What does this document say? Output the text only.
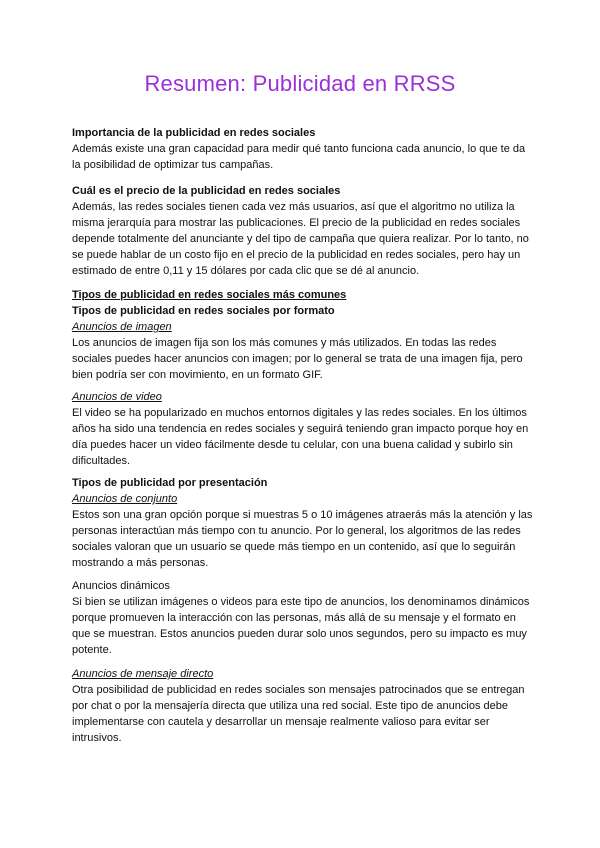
Resumen: Publicidad en RRSS

Importancia de la publicidad en redes sociales

Además existe una gran capacidad para medir qué tanto funciona cada anuncio, lo que te da la posibilidad de optimizar tus campañas.

Cuál es el precio de la publicidad en redes sociales

Además, las redes sociales tienen cada vez más usuarios, así que el algoritmo no utiliza la misma jerarquía para mostrar las publicaciones. El precio de la publicidad en redes sociales depende totalmente del anunciante y del tipo de campaña que quiera realizar. Por lo tanto, no se puede hablar de un costo fijo en el precio de la publicidad en redes sociales, pero hay un estimado de entre 0,11 y 15 dólares por cada clic que se dé al anuncio.

Tipos de publicidad en redes sociales más comunes

Tipos de publicidad en redes sociales por formato

Anuncios de imagen

Los anuncios de imagen fija son los más comunes y más utilizados. En todas las redes sociales puedes hacer anuncios con imagen; por lo general se trata de una imagen fija, pero bien podría ser con movimiento, en un formato GIF.

Anuncios de video

El video se ha popularizado en muchos entornos digitales y las redes sociales. En los últimos años ha sido una tendencia en redes sociales y seguirá teniendo gran impacto porque hoy en día puedes hacer un video fácilmente desde tu celular, con una buena calidad y subirlo sin dificultades.

Tipos de publicidad por presentación

Anuncios de conjunto

Estos son una gran opción porque si muestras 5 o 10 imágenes atraerás más la atención y las personas interactúan más tiempo con tu anuncio. Por lo general, los algoritmos de las redes sociales valoran que un usuario se quede más tiempo en un contenido, así que lo seguirán mostrando a más personas.

Anuncios dinámicos

Si bien se utilizan imágenes o videos para este tipo de anuncios, los denominamos dinámicos porque promueven la interacción con las personas, más allá de su mensaje y el formato en que se muestran. Estos anuncios pueden durar solo unos segundos, pero su impacto es muy potente.

Anuncios de mensaje directo

Otra posibilidad de publicidad en redes sociales son mensajes patrocinados que se entregan por chat o por la mensajería directa que utiliza una red social. Este tipo de anuncios debe implementarse con cautela y desarrollar un mensaje realmente valioso para evitar ser intrusivos.
